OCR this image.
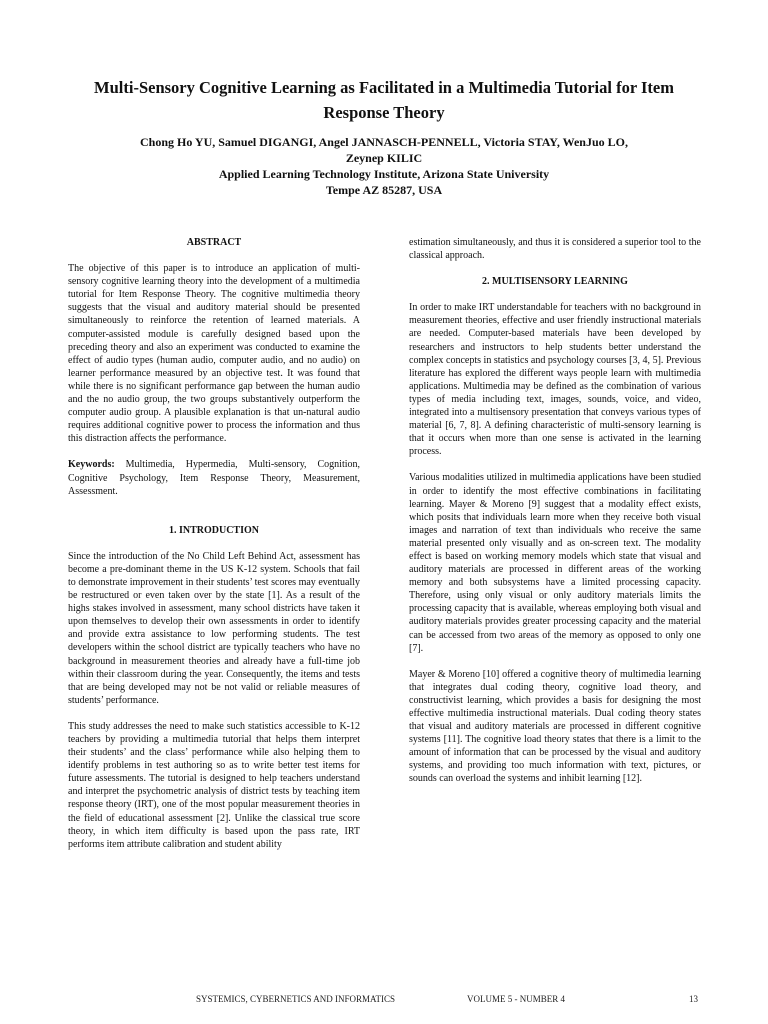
Multi-Sensory Cognitive Learning as Facilitated in a Multimedia Tutorial for Item Response Theory
Chong Ho YU, Samuel DIGANGI, Angel JANNASCH-PENNELL, Victoria STAY, WenJuo LO,
Zeynep KILIC
Applied Learning Technology Institute, Arizona State University
Tempe AZ 85287, USA
ABSTRACT

The objective of this paper is to introduce an application of multi-sensory cognitive learning theory into the development of a multimedia tutorial for Item Response Theory. The cognitive multimedia theory suggests that the visual and auditory material should be presented simultaneously to reinforce the retention of learned materials. A computer-assisted module is carefully designed based upon the preceding theory and also an experiment was conducted to examine the effect of audio types (human audio, computer audio, and no audio) on learner performance measured by an objective test. It was found that while there is no significant performance gap between the human audio and the no audio group, the two groups substantively outperform the computer audio group. A plausible explanation is that un-natural audio requires additional cognitive power to process the information and thus this distraction affects the performance.

Keywords: Multimedia, Hypermedia, Multi-sensory, Cognition, Cognitive Psychology, Item Response Theory, Measurement, Assessment.

1. INTRODUCTION

Since the introduction of the No Child Left Behind Act, assessment has become a pre-dominant theme in the US K-12 system. Schools that fail to demonstrate improvement in their students’ test scores may eventually be restructured or even taken over by the state [1]. As a result of the highs stakes involved in assessment, many school districts have taken it upon themselves to develop their own assessments in order to identify and provide extra assistance to low performing students. The test developers within the school district are typically teachers who have no background in measurement theories and already have a full-time job within their classroom during the year. Consequently, the items and tests that are being developed may not be not valid or reliable measures of students’ performance.

This study addresses the need to make such statistics accessible to K-12 teachers by providing a multimedia tutorial that helps them interpret their students’ and the class’ performance while also helping them to identify problems in test authoring so as to write better test items for future assessments. The tutorial is designed to help teachers understand and interpret the psychometric analysis of district tests by teaching item response theory (IRT), one of the most popular measurement theories in the field of educational assessment [2]. Unlike the classical true score theory, in which item difficulty is based upon the pass rate, IRT performs item attribute calibration and student ability

estimation simultaneously, and thus it is considered a superior tool to the classical approach.

2. MULTISENSORY LEARNING

In order to make IRT understandable for teachers with no background in measurement theories, effective and user friendly instructional materials are needed. Computer-based materials have been developed by researchers and instructors to help students better understand the complex concepts in statistics and psychology courses [3, 4, 5]. Previous literature has explored the different ways people learn with multimedia applications. Multimedia may be defined as the combination of various types of media including text, images, sounds, voice, and video, integrated into a multisensory presentation that conveys various types of material [6, 7, 8]. A defining characteristic of multi-sensory learning is that it occurs when more than one sense is activated in the learning process.

Various modalities utilized in multimedia applications have been studied in order to identify the most effective combinations in facilitating learning. Mayer & Moreno [9] suggest that a modality effect exists, which posits that individuals learn more when they receive both visual images and narration of text than individuals who receive the same material presented only visually and as on-screen text. The modality effect is based on working memory models which state that visual and auditory materials are processed in different areas of the working memory and both subsystems have a limited processing capacity. Therefore, using only visual or only auditory materials limits the processing capacity that is available, whereas employing both visual and auditory materials provides greater processing capacity and the material can be accessed from two areas of the memory as opposed to only one [7].

Mayer & Moreno [10] offered a cognitive theory of multimedia learning that integrates dual coding theory, cognitive load theory, and constructivist learning, which provides a basis for designing the most effective multimedia instructional materials. Dual coding theory states that visual and auditory materials are processed in different cognitive systems [11]. The cognitive load theory states that there is a limit to the amount of information that can be processed by the visual and auditory systems, and providing too much information with text, pictures, or sounds can overload the systems and inhibit learning [12].

SYSTEMICS, CYBERNETICS AND INFORMATICS	VOLUME 5 - NUMBER 4	13
